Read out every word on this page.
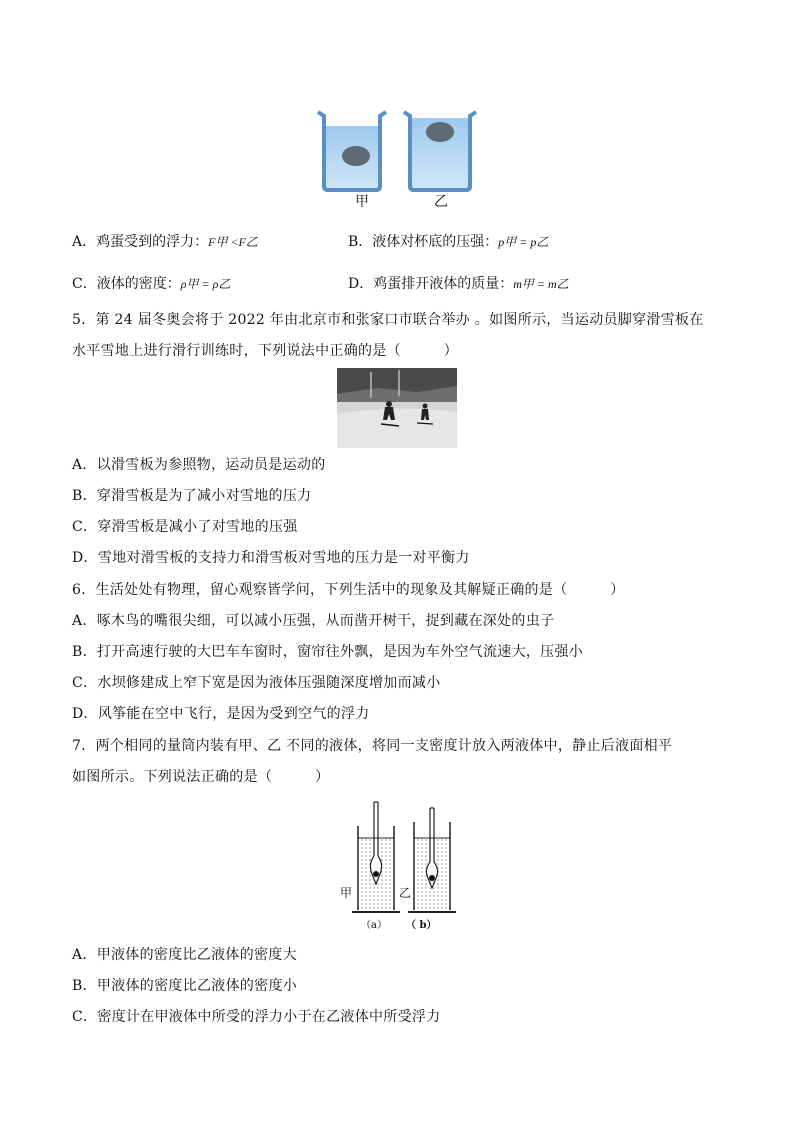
甲	乙
A．鸡蛋受到的浮力：F甲 <F乙	B．液体对杯底的压强：p甲 = p乙
C．液体的密度：ρ甲 = ρ乙	D．鸡蛋排开液体的质量：m甲 = m乙
5．第 24 届冬奥会将于 2022 年由北京市和张家口市联合举办 。如图所示，当运动员脚穿滑雪板在
水平雪地上进行滑行训练时，下列说法中正确的是（　　　）
A．以滑雪板为参照物，运动员是运动的
B．穿滑雪板是为了减小对雪地的压力
C．穿滑雪板是减小了对雪地的压强
D．雪地对滑雪板的支持力和滑雪板对雪地的压力是一对平衡力
6．生活处处有物理，留心观察皆学问，下列生活中的现象及其解疑正确的是（　　　）
A．啄木鸟的嘴很尖细，可以减小压强，从而凿开树干，捉到藏在深处的虫子
B．打开高速行驶的大巴车车窗时，窗帘往外飘，是因为车外空气流速大，压强小
C．水坝修建成上窄下宽是因为液体压强随深度增加而减小
D．风筝能在空中飞行，是因为受到空气的浮力
7．两个相同的量筒内装有甲、乙 不同的液体，将同一支密度计放入两液体中，静止后液面相平
如图所示。下列说法正确的是（　　　）
甲	乙
（a） （ b）
A．甲液体的密度比乙液体的密度大
B．甲液体的密度比乙液体的密度小
C．密度计在甲液体中所受的浮力小于在乙液体中所受浮力
